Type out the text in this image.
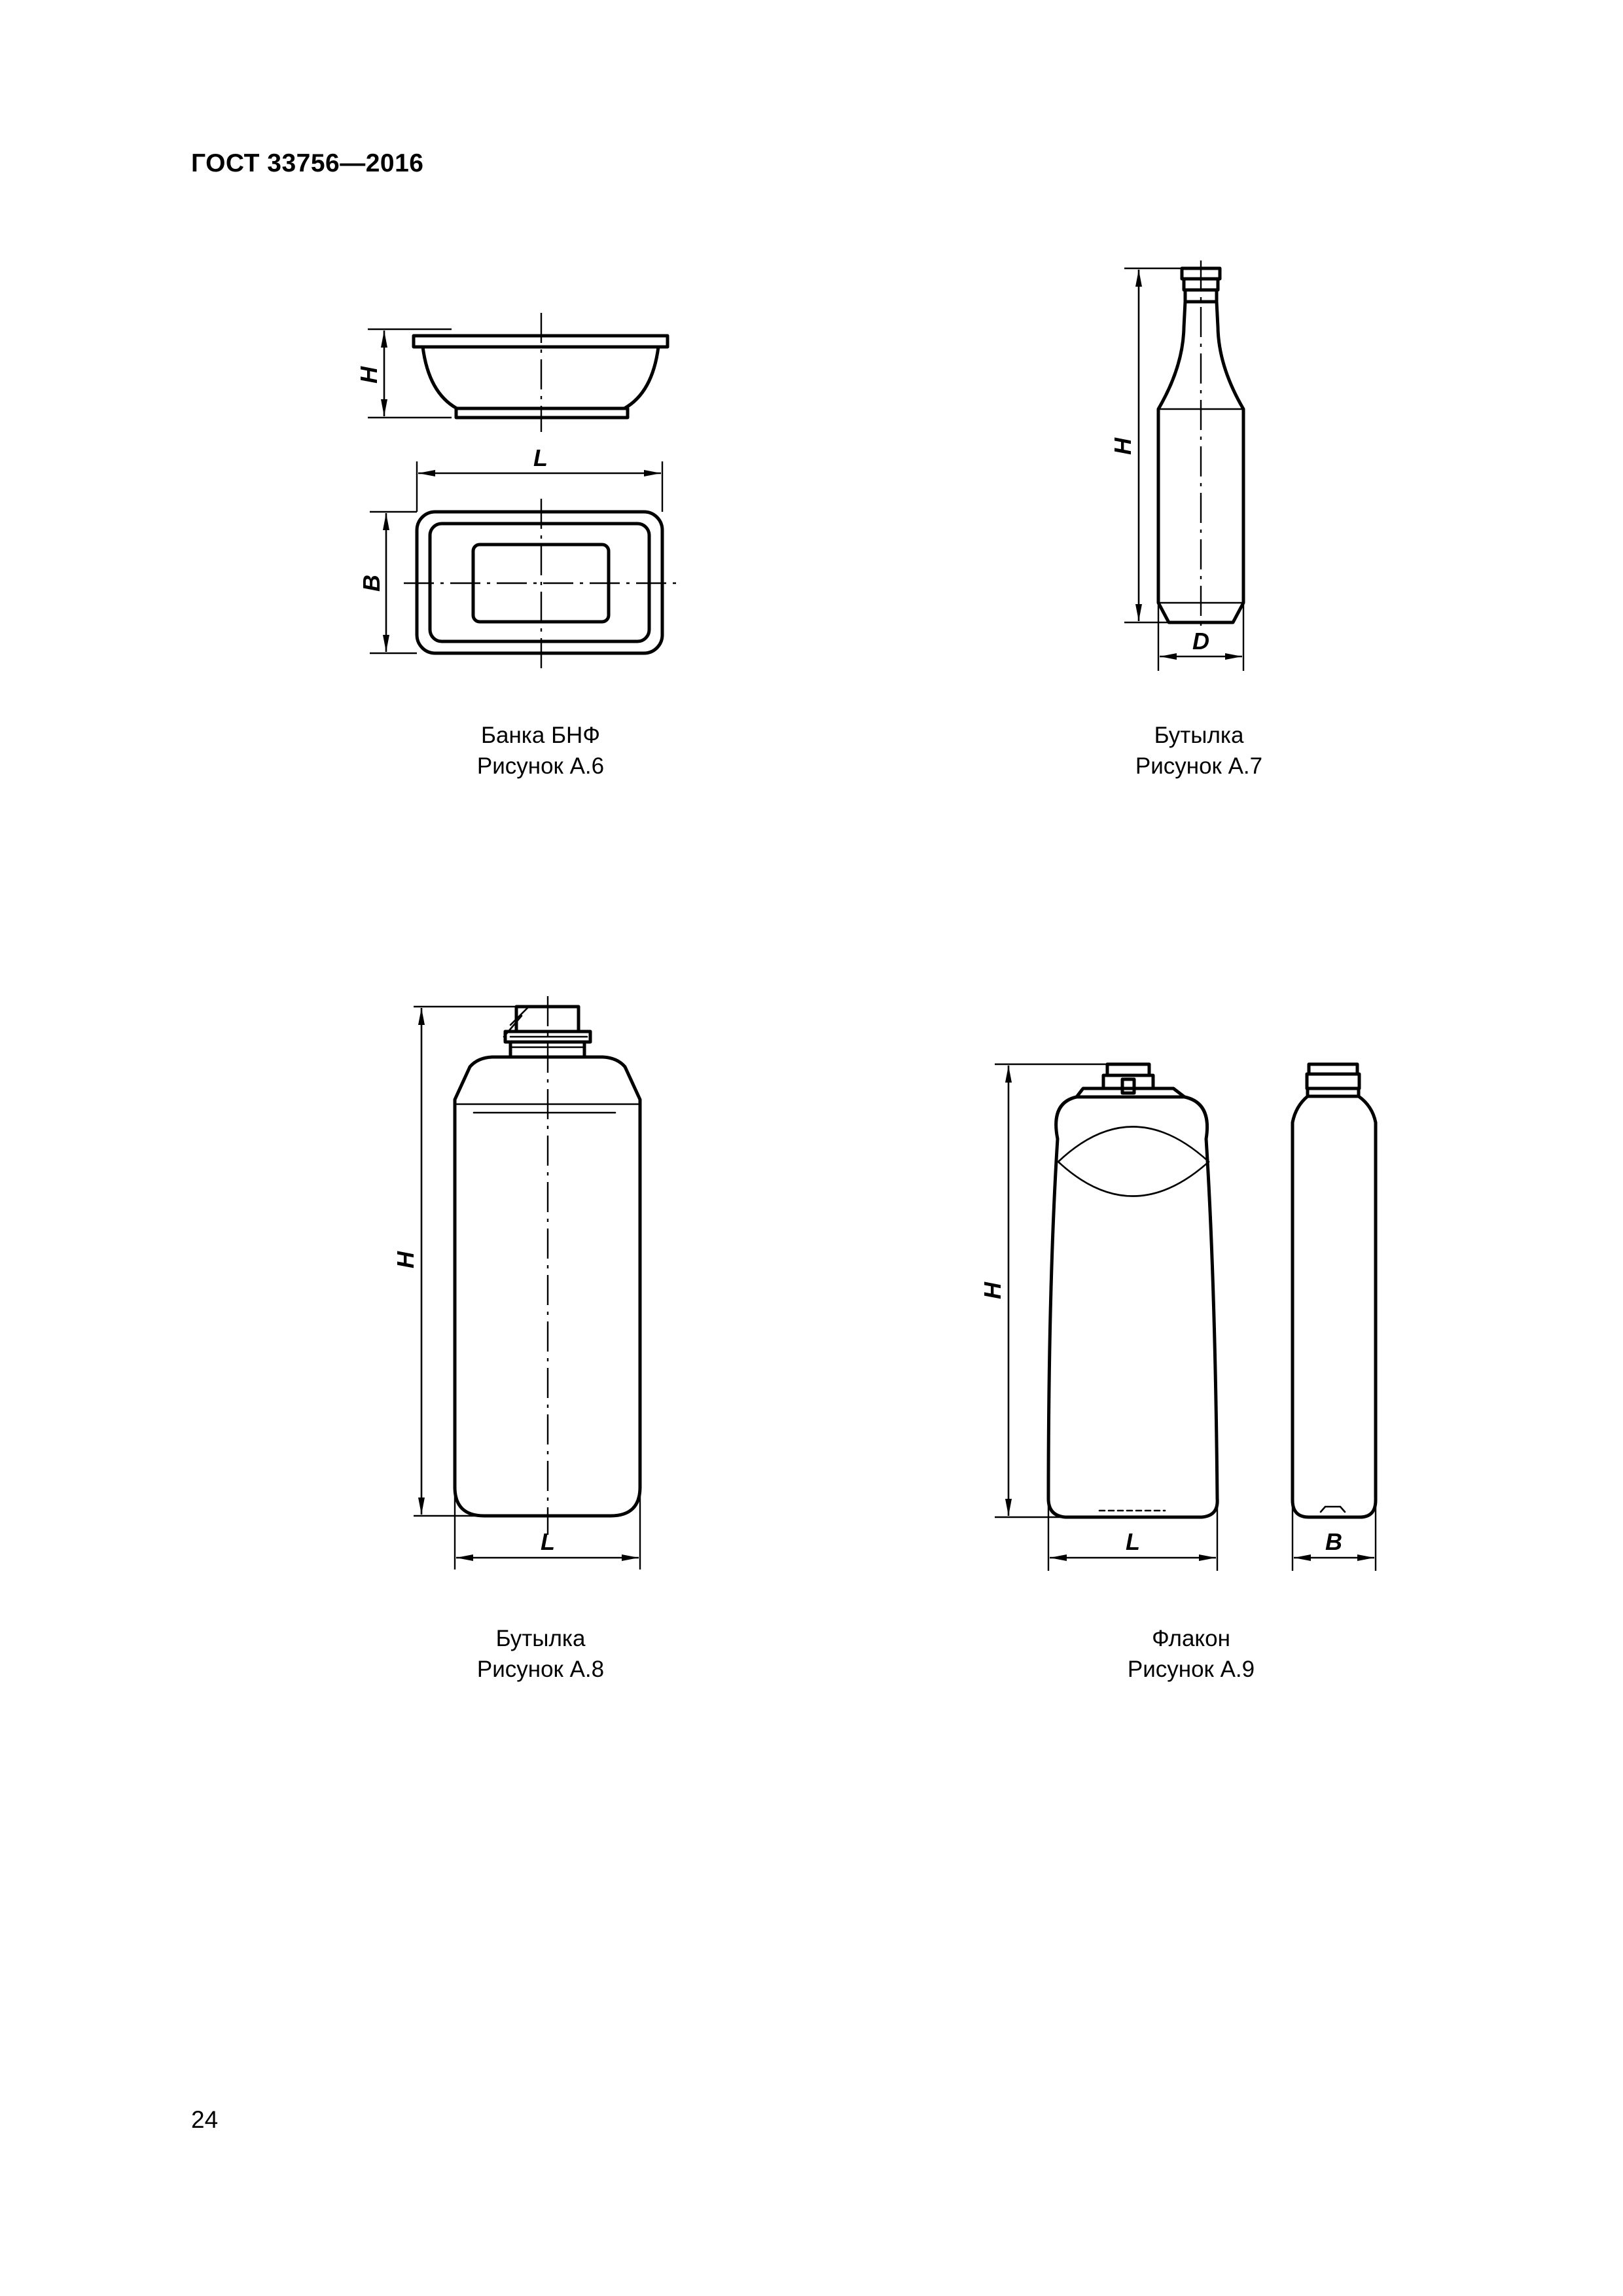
ГОСТ 33756—2016
H
L
B
H
D
H
L
H
L	B
Банка БНФ
Рисунок А.6
Бутылка
Рисунок А.7
Бутылка
Рисунок А.8
Флакон
Рисунок А.9
24
